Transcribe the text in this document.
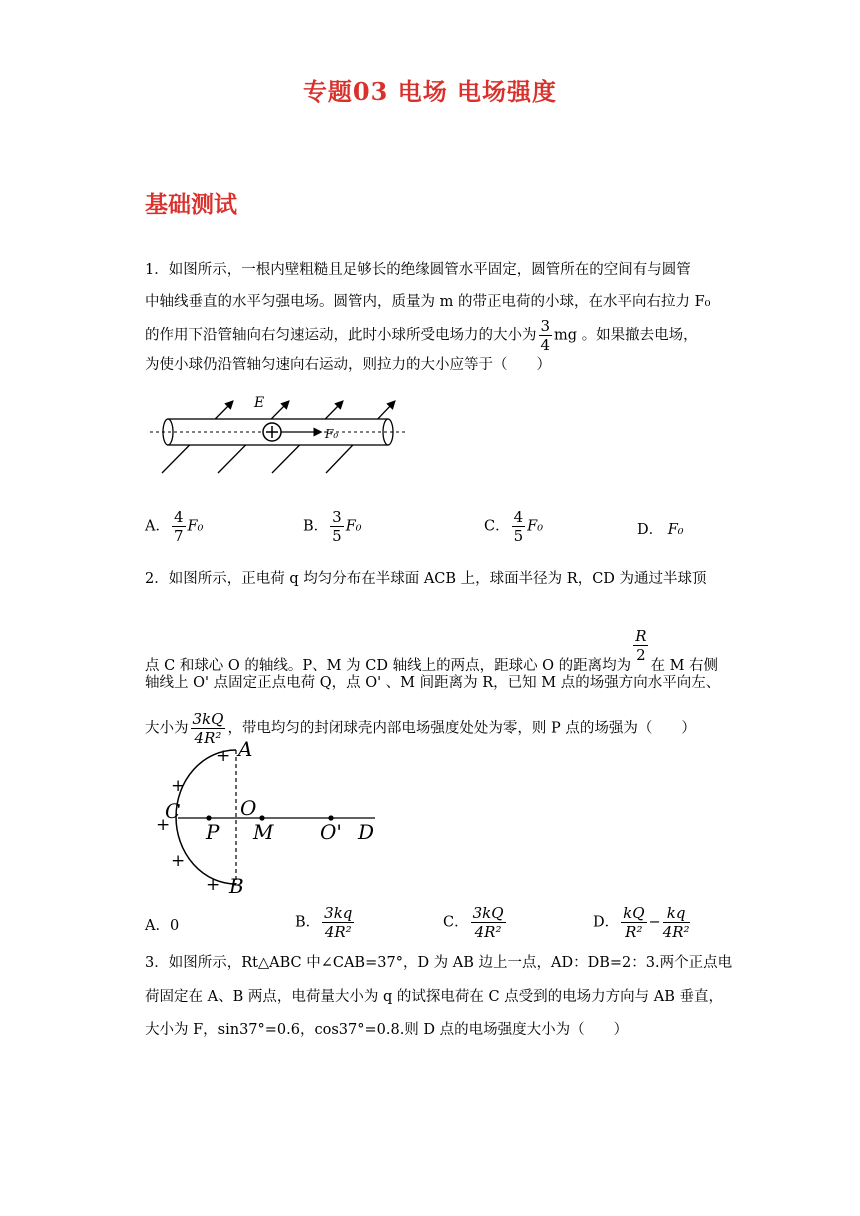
专题03 电场 电场强度
基础测试
1．如图所示，一根内壁粗糙且足够长的绝缘圆管水平固定，圆管所在的空间有与圆管
中轴线垂直的水平匀强电场。圆管内，质量为 m 的带正电荷的小球，在水平向右拉力 F₀
的作用下沿管轴向右匀速运动，此时小球所受电场力的大小为 $\frac{3}{4}$ mg 。如果撤去电场，
为使小球仍沿管轴匀速向右运动，则拉力的大小应等于（　　）
E
F₀
A． $\frac{4}{7} F_0$	B． $\frac{3}{5} F_0$	C． $\frac{4}{5} F_0$	D． F₀
2．如图所示，正电荷 q 均匀分布在半球面 ACB 上，球面半径为 R，CD 为通过半球顶
点 C 和球心 O 的轴线。P、M 为 CD 轴线上的两点，距球心 O 的距离均为
$\frac{R}{2}$
在 M 右侧
轴线上 O' 点固定正点电荷 Q，点 O' 、M 间距离为 R，已知 M 点的场强方向水平向左、
大小为 $\frac{3kQ}{\text{4R²}}$ ，带电均匀的封闭球壳内部电场强度处处为零，则 P 点的场强为（　　）
A
B
C	O
P M O' D
+
+
+
+
+
A．0	B． $\frac{3kq}{\text{4R²}}$	C． $\frac{3kQ}{\text{4R²}}$	D． $\frac{kQ}{\text{R²}} - \frac{kq}{\text{4R²}}$
3．如图所示，Rt△ABC 中∠CAB=37°，D 为 AB 边上一点，AD：DB=2：3.两个正点电
荷固定在 A、B 两点，电荷量大小为 q 的试探电荷在 C 点受到的电场力方向与 AB 垂直，
大小为 F，sin37°=0.6，cos37°=0.8.则 D 点的电场强度大小为（　　）
